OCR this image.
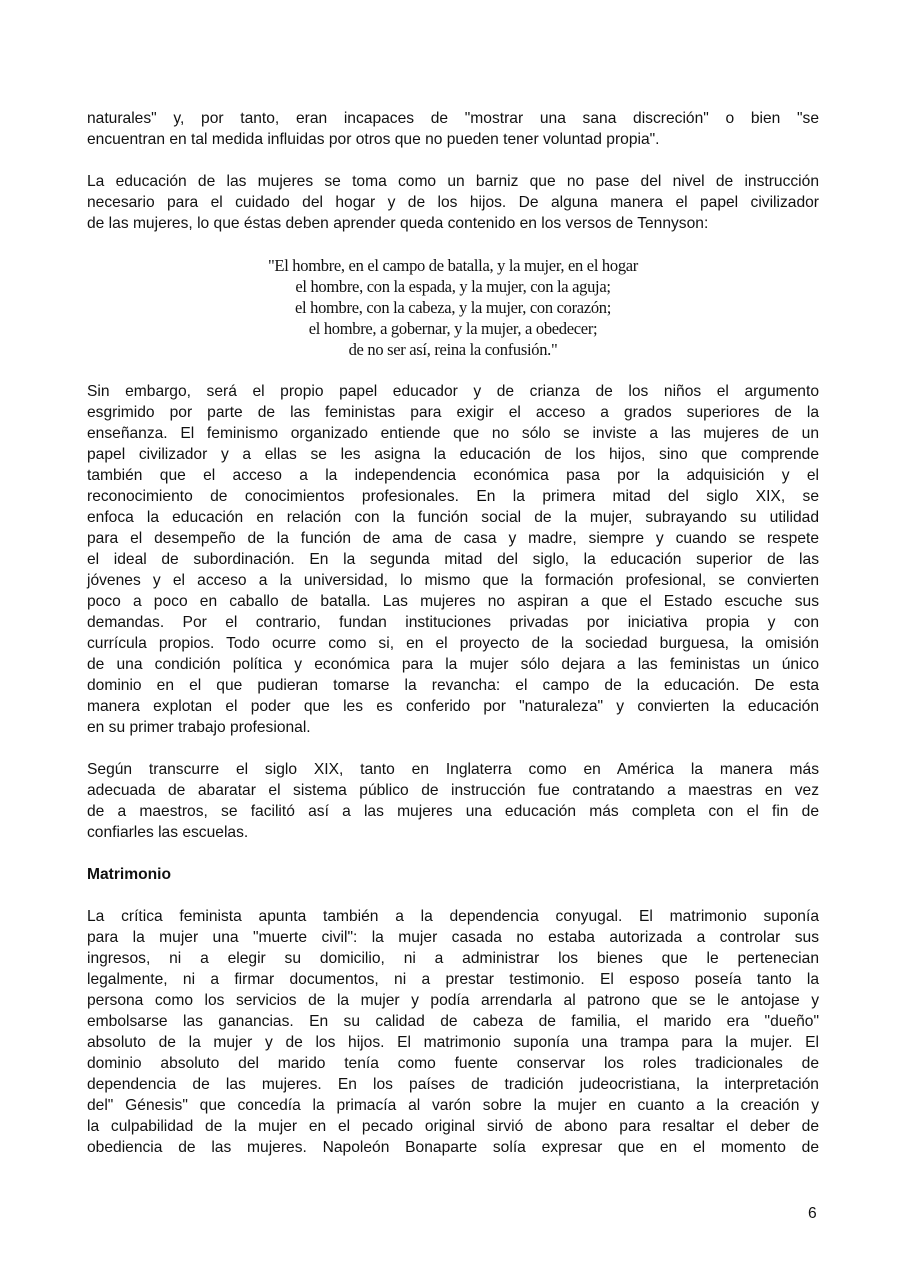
naturales" y, por tanto, eran incapaces de "mostrar una sana discreción" o bien "se
encuentran en tal medida influidas por otros que no pueden tener voluntad propia".
La educación de las mujeres se toma como un barniz que no pase del nivel de instrucción
necesario para el cuidado del hogar y de los hijos. De alguna manera el papel civilizador
de las mujeres, lo que éstas deben aprender queda contenido en los versos de Tennyson:
"El hombre, en el campo de batalla, y la mujer, en el hogar
el hombre, con la espada, y la mujer, con la aguja;
el hombre, con la cabeza, y la mujer, con corazón;
el hombre, a gobernar, y la mujer, a obedecer;
de no ser así, reina la confusión."
Sin embargo, será el propio papel educador y de crianza de los niños el argumento
esgrimido por parte de las feministas para exigir el acceso a grados superiores de la
enseñanza. El feminismo organizado entiende que no sólo se inviste a las mujeres de un
papel civilizador y a ellas se les asigna la educación de los hijos, sino que comprende
también que el acceso a la independencia económica pasa por la adquisición y el
reconocimiento de conocimientos profesionales. En la primera mitad del siglo XIX, se
enfoca la educación en relación con la función social de la mujer, subrayando su utilidad
para el desempeño de la función de ama de casa y madre, siempre y cuando se respete
el ideal de subordinación. En la segunda mitad del siglo, la educación superior de las
jóvenes y el acceso a la universidad, lo mismo que la formación profesional, se convierten
poco a poco en caballo de batalla. Las mujeres no aspiran a que el Estado escuche sus
demandas. Por el contrario, fundan instituciones privadas por iniciativa propia y con
currícula propios. Todo ocurre como si, en el proyecto de la sociedad burguesa, la omisión
de una condición política y económica para la mujer sólo dejara a las feministas un único
dominio en el que pudieran tomarse la revancha: el campo de la educación. De esta
manera explotan el poder que les es conferido por "naturaleza" y convierten la educación
en su primer trabajo profesional.
Según transcurre el siglo XIX, tanto en Inglaterra como en América la manera más
adecuada de abaratar el sistema público de instrucción fue contratando a maestras en vez
de a maestros, se facilitó así a las mujeres una educación más completa con el fin de
confiarles las escuelas.
Matrimonio
La crítica feminista apunta también a la dependencia conyugal. El matrimonio suponía
para la mujer una "muerte civil": la mujer casada no estaba autorizada a controlar sus
ingresos, ni a elegir su domicilio, ni a administrar los bienes que le pertenecian
legalmente, ni a firmar documentos, ni a prestar testimonio. El esposo poseía tanto la
persona como los servicios de la mujer y podía arrendarla al patrono que se le antojase y
embolsarse las ganancias. En su calidad de cabeza de familia, el marido era "dueño"
absoluto de la mujer y de los hijos. El matrimonio suponía una trampa para la mujer. El
dominio absoluto del marido tenía como fuente conservar los roles tradicionales de
dependencia de las mujeres. En los países de tradición judeocristiana, la interpretación
del" Génesis" que concedía la primacía al varón sobre la mujer en cuanto a la creación y
la culpabilidad de la mujer en el pecado original sirvió de abono para resaltar el deber de
obediencia de las mujeres. Napoleón Bonaparte solía expresar que en el momento de
6
